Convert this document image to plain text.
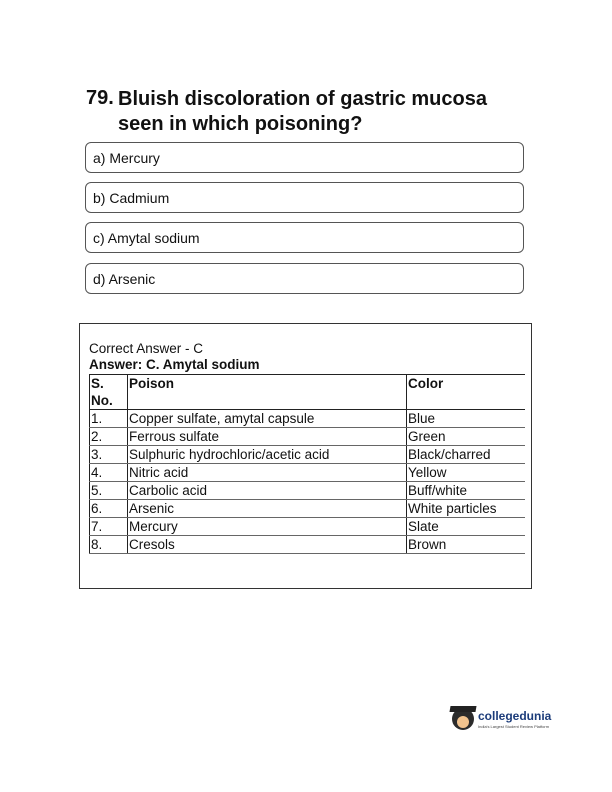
79. Bluish discoloration of gastric mucosa seen in which poisoning?
a) Mercury
b) Cadmium
c) Amytal sodium
d) Arsenic
Correct Answer - C
Answer: C. Amytal sodium
S. No.	Poison	Color
1.	Copper sulfate, amytal capsule	Blue
2.	Ferrous sulfate	Green
3.	Sulphuric hydrochloric/acetic acid	Black/charred
4.	Nitric acid	Yellow
5.	Carbolic acid	Buff/white
6.	Arsenic	White particles
7.	Mercury	Slate
8.	Cresols	Brown
collegedunia
India's Largest Student Review Platform
